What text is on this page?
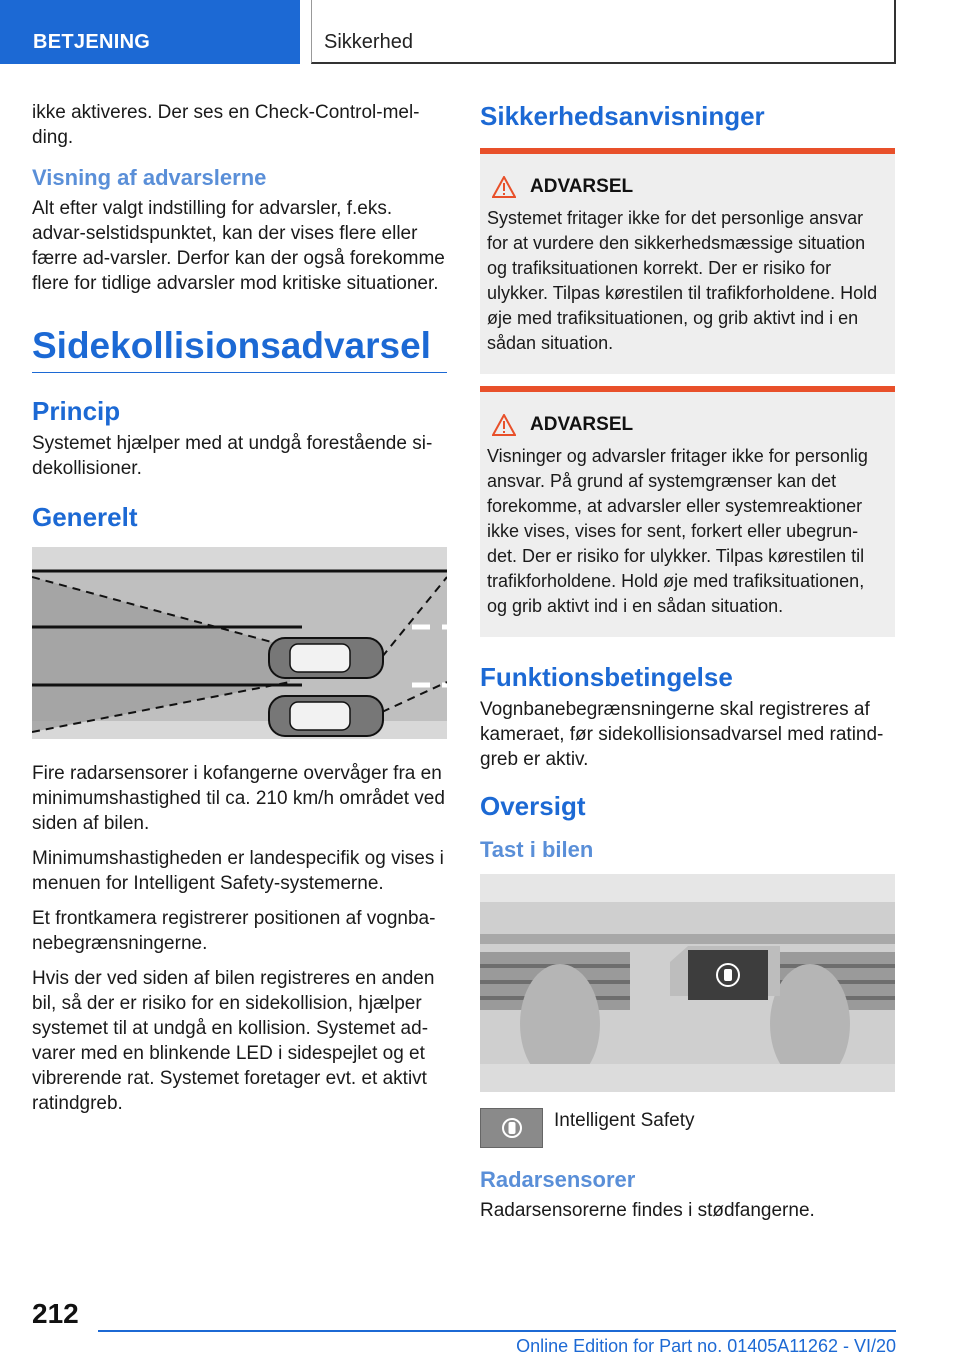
BETJENING	Sikkerhed

ikke aktiveres. Der ses en Check-Control-mel-ding.

Visning af advarslerne

Alt efter valgt indstilling for advarsler, f.eks. advar-selstidspunktet, kan der vises flere eller færre ad-varsler. Derfor kan der også forekomme flere for tidlige advarsler mod kritiske situationer.

Sidekollisionsadvarsel
Princip

Systemet hjælper med at undgå forestående si-dekollisioner.

Generelt

Fire radarsensorer i kofangerne overvåger fra en minimumshastighed til ca. 210 km/h området ved siden af bilen.

Minimumshastigheden er landespecifik og vises i menuen for Intelligent Safety-systemerne.

Et frontkamera registrerer positionen af vognba-nebegrænsningerne.

Hvis der ved siden af bilen registreres en anden bil, så der er risiko for en sidekollision, hjælper systemet til at undgå en kollision. Systemet ad-varer med en blinkende LED i sidespejlet og et vibrerende rat. Systemet foretager evt. et aktivt ratindgreb.

Sikkerhedsanvisninger
ADVARSEL

Systemet fritager ikke for det personlige ansvar for at vurdere den sikkerhedsmæssige situation og trafiksituationen korrekt. Der er risiko for ulykker. Tilpas kørestilen til trafikforholdene. Hold øje med trafiksituationen, og grib aktivt ind i en sådan situation.

ADVARSEL

Visninger og advarsler fritager ikke for personlig ansvar. På grund af systemgrænser kan det forekomme, at advarsler eller systemreaktioner ikke vises, vises for sent, forkert eller ubegrun-det. Der er risiko for ulykker. Tilpas kørestilen til trafikforholdene. Hold øje med trafiksituationen, og grib aktivt ind i en sådan situation.

Funktionsbetingelse

Vognbanebegrænsningerne skal registreres af kameraet, før sidekollisionsadvarsel med ratind-greb er aktiv.

Oversigt
Tast i bilen
Intelligent Safety
Radarsensorer

Radarsensorerne findes i stødfangerne.

212
Online Edition for Part no. 01405A11262 - VI/20
